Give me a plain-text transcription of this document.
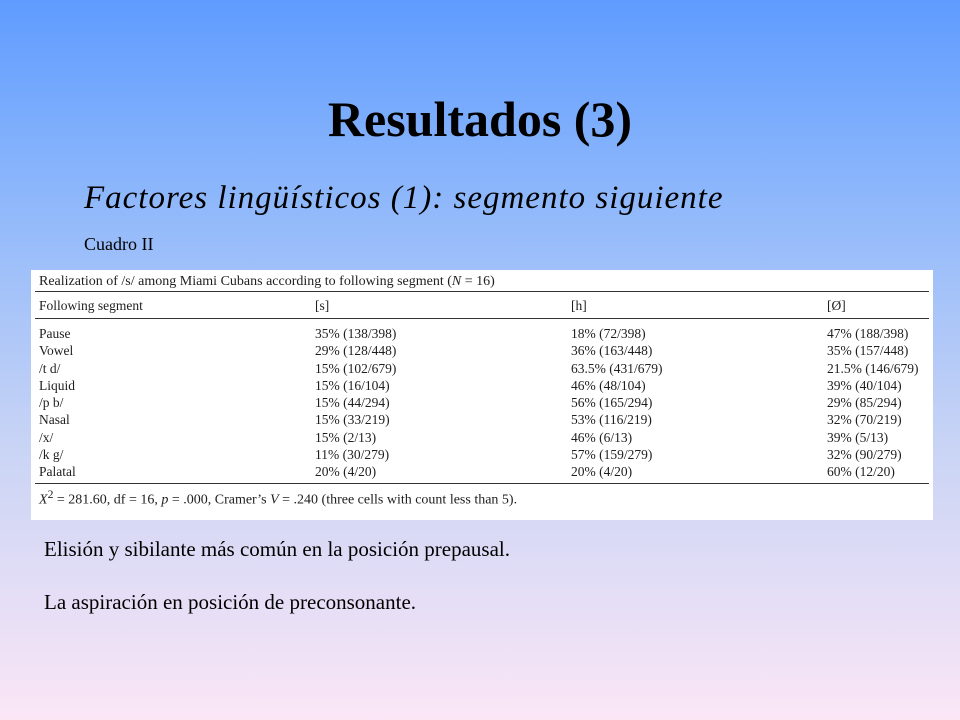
Resultados (3)
Factores lingüísticos (1): segmento siguiente
Cuadro II
Realization of /s/ among Miami Cubans according to following segment (N = 16)
Following segment	[s]	[h]	[Ø]
Pause	35% (138/398)	18% (72/398)	47% (188/398)
Vowel	29% (128/448)	36% (163/448)	35% (157/448)
/t d/	15% (102/679)	63.5% (431/679)	21.5% (146/679)
Liquid	15% (16/104)	46% (48/104)	39% (40/104)
/p b/	15% (44/294)	56% (165/294)	29% (85/294)
Nasal	15% (33/219)	53% (116/219)	32% (70/219)
/x/	15% (2/13)	46% (6/13)	39% (5/13)
/k g/	11% (30/279)	57% (159/279)	32% (90/279)
Palatal	20% (4/20)	20% (4/20)	60% (12/20)
$X^2 = 281.60$, df = 16, p = .000, Cramer’s V = .240 (three cells with count less than 5).
Elisión y sibilante más común en la posición prepausal.
La aspiración en posición de preconsonante.
